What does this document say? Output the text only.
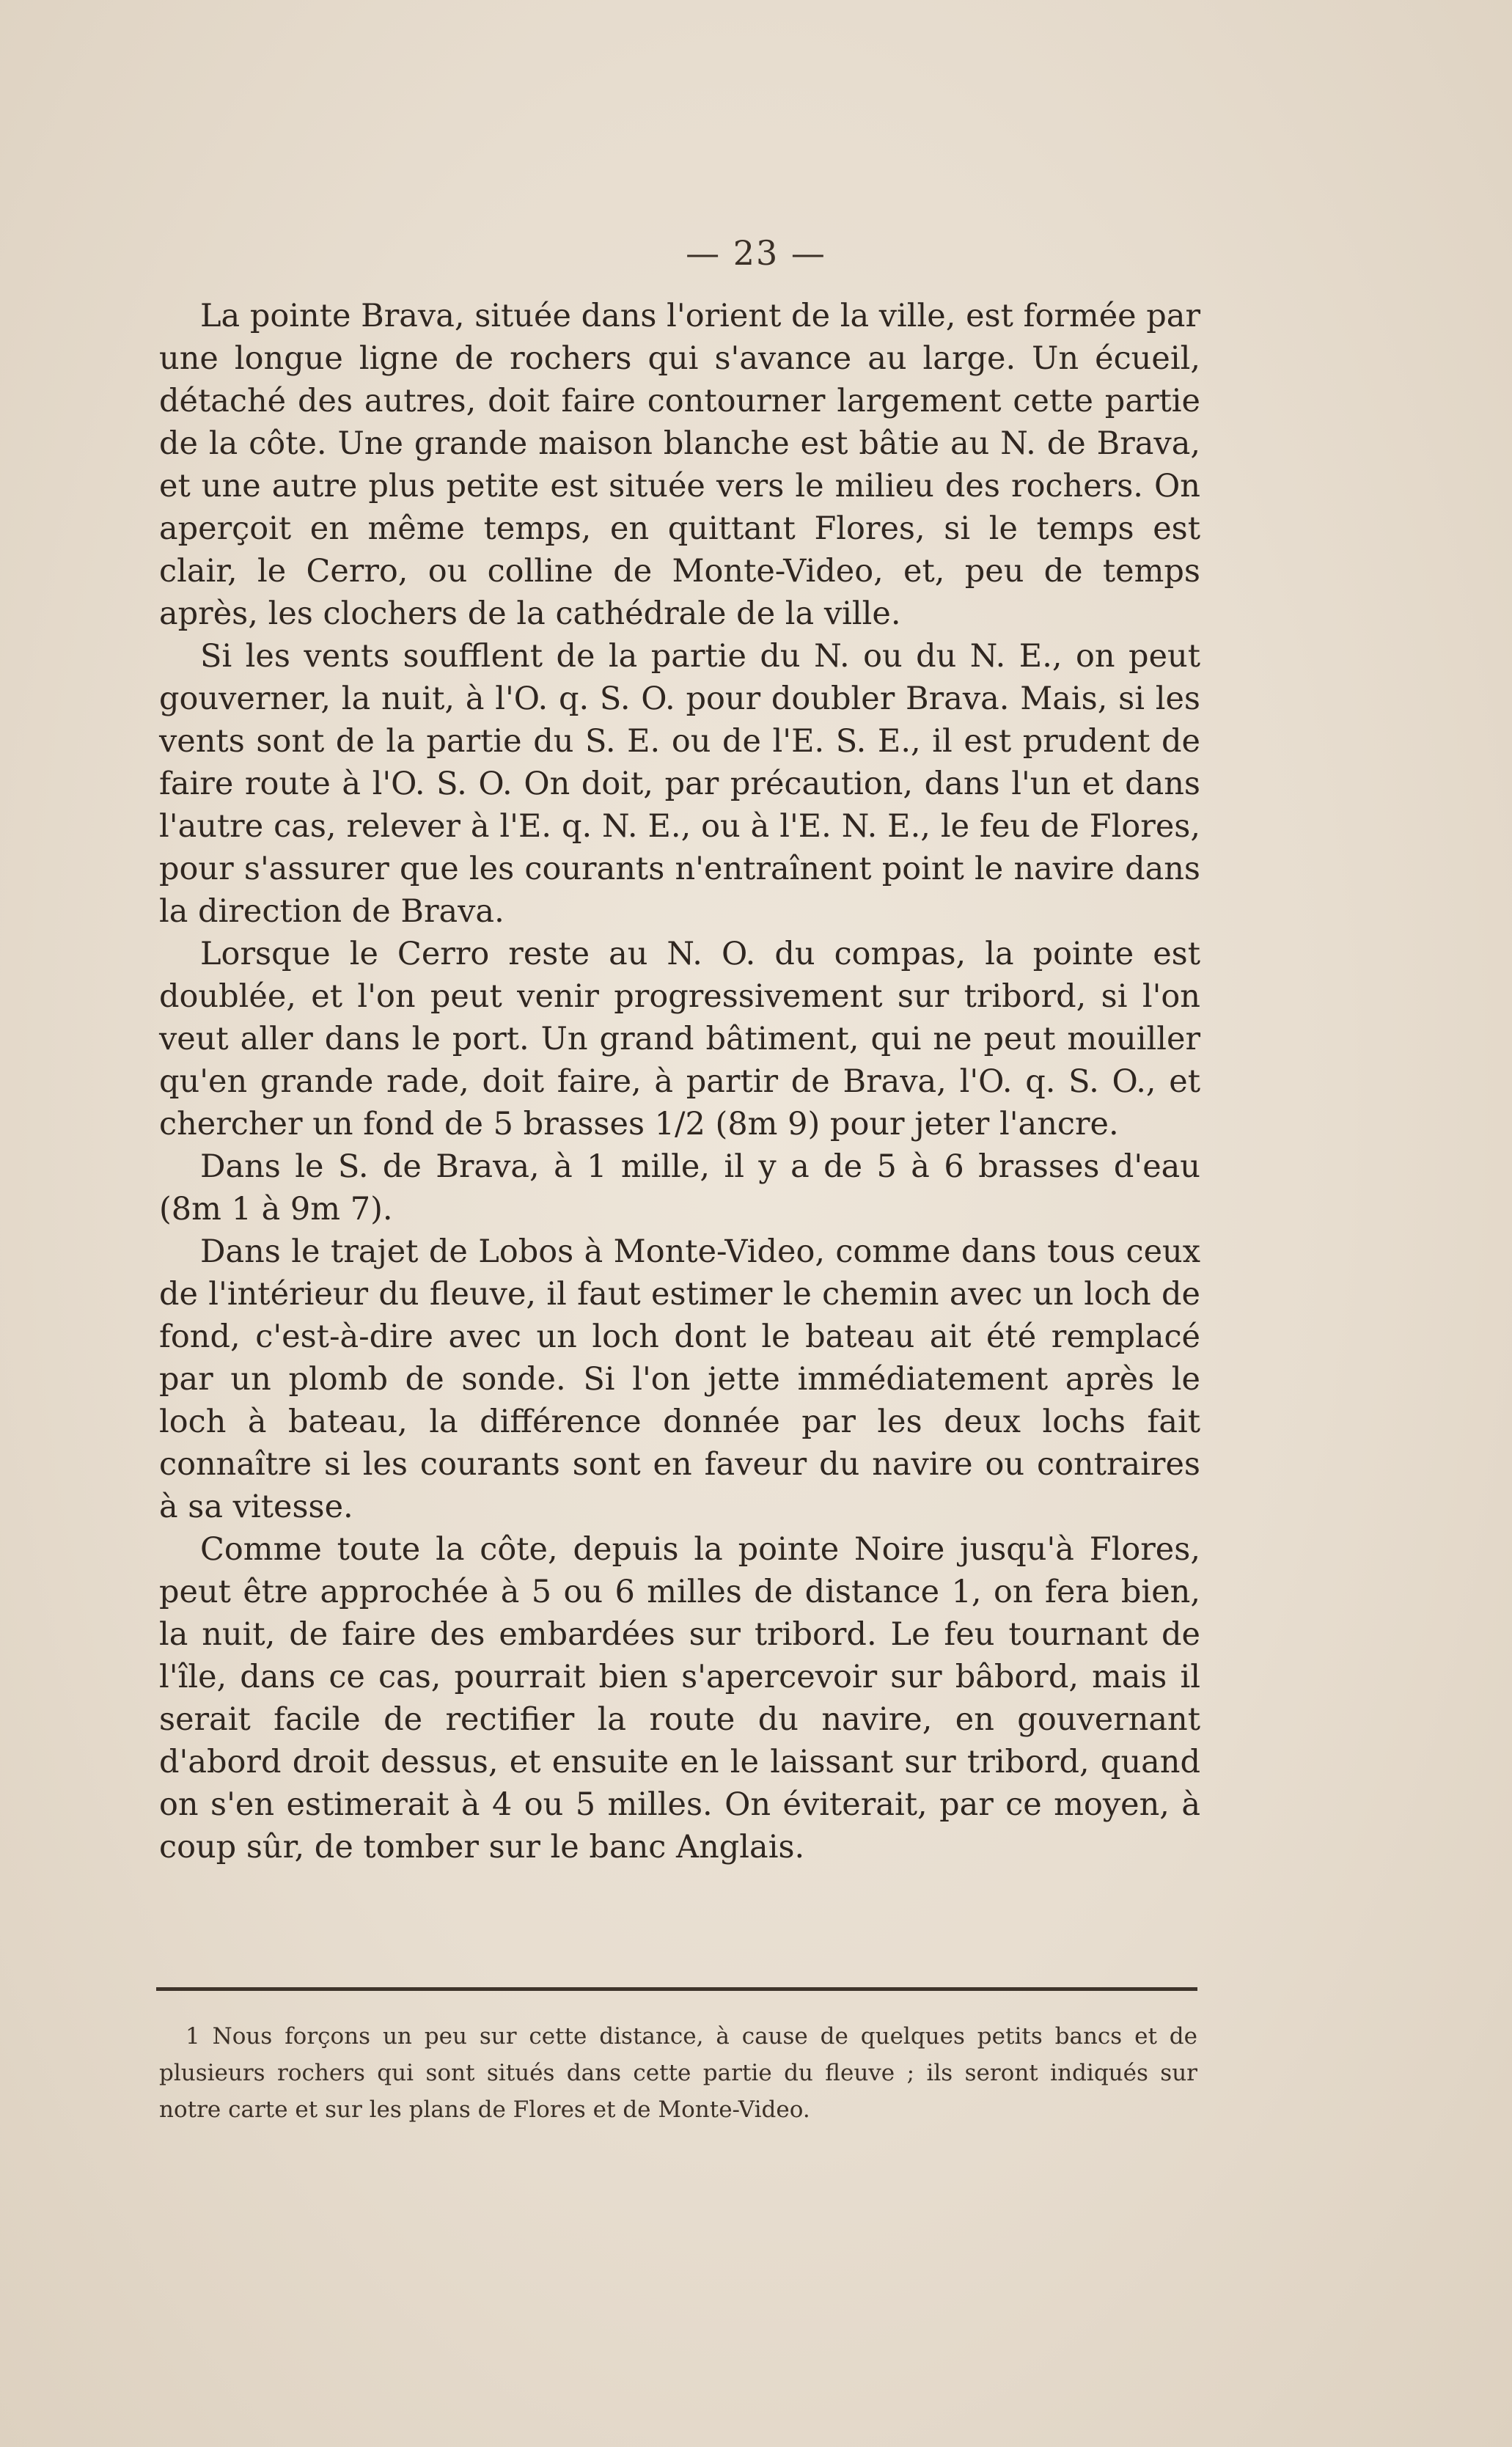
— 23 —

La pointe Brava, située dans l'orient de la ville, est formée par une longue ligne de rochers qui s'avance au large. Un écueil, détaché des autres, doit faire contourner largement cette partie de la côte. Une grande maison blanche est bâtie au N. de Brava, et une autre plus petite est située vers le milieu des rochers. On aperçoit en même temps, en quittant Flores, si le temps est clair, le Cerro, ou colline de Monte-Video, et, peu de temps après, les clochers de la cathédrale de la ville.

Si les vents soufflent de la partie du N. ou du N. E., on peut gouverner, la nuit, à l'O. q. S. O. pour doubler Brava. Mais, si les vents sont de la partie du S. E. ou de l'E. S. E., il est prudent de faire route à l'O. S. O. On doit, par précaution, dans l'un et dans l'autre cas, relever à l'E. q. N. E., ou à l'E. N. E., le feu de Flores, pour s'assurer que les courants n'entraînent point le navire dans la direction de Brava.

Lorsque le Cerro reste au N. O. du compas, la pointe est doublée, et l'on peut venir progressivement sur tribord, si l'on veut aller dans le port. Un grand bâtiment, qui ne peut mouiller qu'en grande rade, doit faire, à partir de Brava, l'O. q. S. O., et chercher un fond de 5 brasses 1/2 (8m 9) pour jeter l'ancre.

Dans le S. de Brava, à 1 mille, il y a de 5 à 6 brasses d'eau (8m 1 à 9m 7).

Dans le trajet de Lobos à Monte-Video, comme dans tous ceux de l'intérieur du fleuve, il faut estimer le chemin avec un loch de fond, c'est-à-dire avec un loch dont le bateau ait été remplacé par un plomb de sonde. Si l'on jette immédiatement après le loch à bateau, la différence donnée par les deux lochs fait connaître si les courants sont en faveur du navire ou contraires à sa vitesse.

Comme toute la côte, depuis la pointe Noire jusqu'à Flores, peut être approchée à 5 ou 6 milles de distance 1, on fera bien, la nuit, de faire des embardées sur tribord. Le feu tournant de l'île, dans ce cas, pourrait bien s'apercevoir sur bâbord, mais il serait facile de rectifier la route du navire, en gouvernant d'abord droit dessus, et ensuite en le laissant sur tribord, quand on s'en estimerait à 4 ou 5 milles. On éviterait, par ce moyen, à coup sûr, de tomber sur le banc Anglais.

1 Nous forçons un peu sur cette distance, à cause de quelques petits bancs et de plusieurs rochers qui sont situés dans cette partie du fleuve ; ils seront indiqués sur notre carte et sur les plans de Flores et de Monte-Video.
